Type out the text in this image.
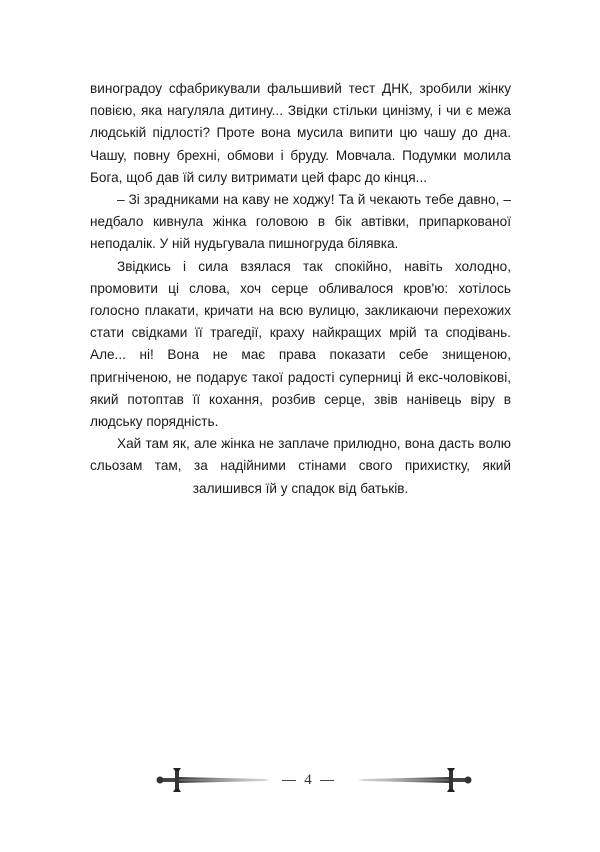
виноградоу сфабрикували фальшивий тест ДНК, зробили жінку повією, яка нагуляла дитину... Звідки стільки цинізму, і чи є межа людській підлості? Проте вона мусила випити цю чашу до дна. Чашу, повну брехні, обмови і бруду. Мовчала. Подумки молила Бога, щоб дав їй силу витримати цей фарс до кінця...

– Зі зрадниками на каву не ходжу! Та й чекають тебе давно, – недбало кивнула жінка головою в бік автівки, припаркованої неподалік. У ній нудьгувала пишногруда білявка.

Звідкись і сила взялася так спокійно, навіть холодно, промовити ці слова, хоч серце обливалося кров'ю: хотілось голосно плакати, кричати на всю вулицю, закликаючи перехожих стати свідками її трагедії, краху найкращих мрій та сподівань. Але... ні! Вона не має права показати себе знищеною, пригніченою, не подарує такої радості суперниці й екс-чоловікові, який потоптав її кохання, розбив серце, звів нанівець віру в людську порядність.

Хай там як, але жінка не заплаче прилюдно, вона дасть волю сльозам там, за надійними стінами свого прихистку, який залишився їй у спадок від батьків.

4
